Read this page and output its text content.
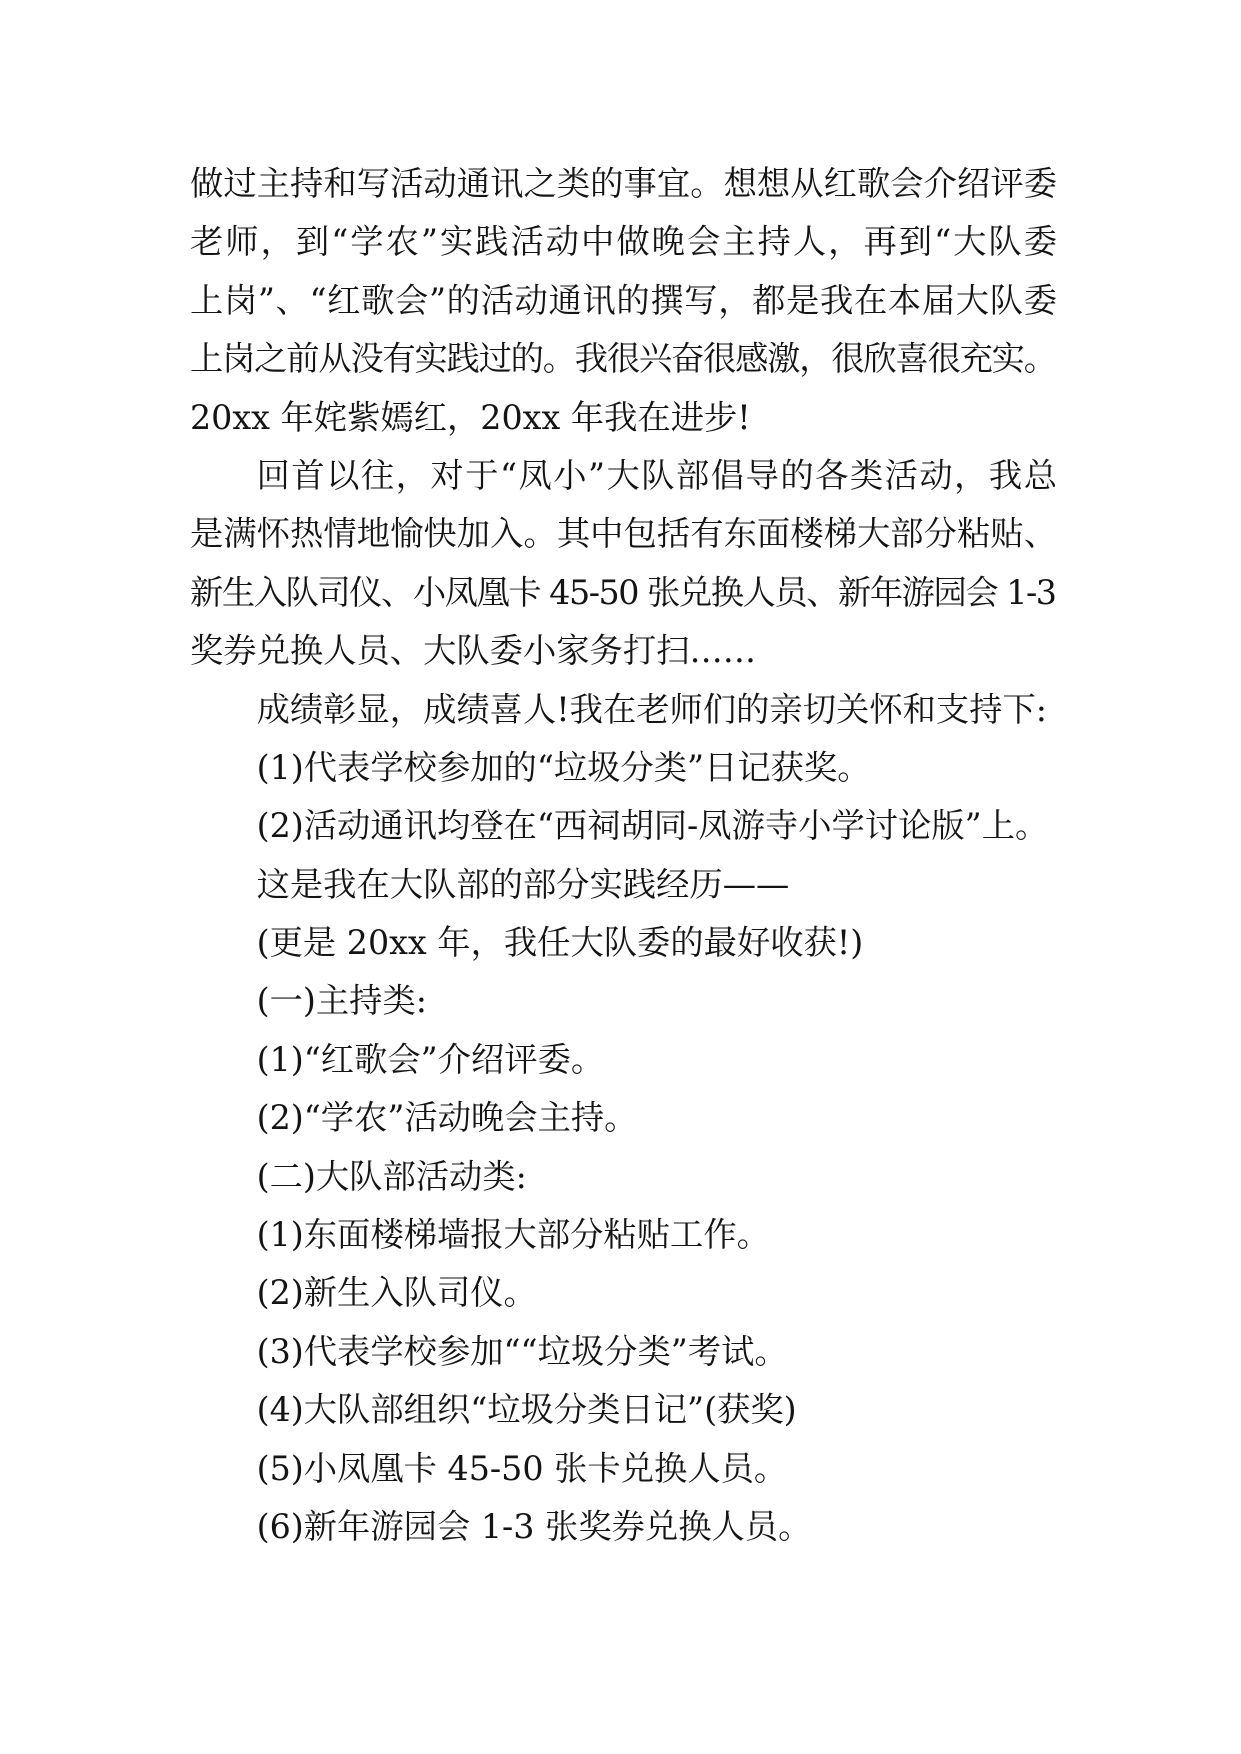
做过主持和写活动通讯之类的事宜。想想从红歌会介绍评委
老师，到“学农”实践活动中做晚会主持人，再到“大队委
上岗”、“红歌会”的活动通讯的撰写，都是我在本届大队委
上岗之前从没有实践过的。我很兴奋很感激，很欣喜很充实。
20xx 年姹紫嫣红，20xx 年我在进步!
回首以往，对于“凤小”大队部倡导的各类活动，我总
是满怀热情地愉快加入。其中包括有东面楼梯大部分粘贴、
新生入队司仪、小凤凰卡 45-50 张兑换人员、新年游园会 1-3
奖券兑换人员、大队委小家务打扫……
成绩彰显，成绩喜人!我在老师们的亲切关怀和支持下:
(1)代表学校参加的“垃圾分类”日记获奖。
(2)活动通讯均登在“西祠胡同-凤游寺小学讨论版”上。
这是我在大队部的部分实践经历——
(更是 20xx 年，我任大队委的最好收获!)
(一)主持类:
(1)“红歌会”介绍评委。
(2)“学农”活动晚会主持。
(二)大队部活动类:
(1)东面楼梯墙报大部分粘贴工作。
(2)新生入队司仪。
(3)代表学校参加““垃圾分类”考试。
(4)大队部组织“垃圾分类日记”(获奖)
(5)小凤凰卡 45-50 张卡兑换人员。
(6)新年游园会 1-3 张奖券兑换人员。
